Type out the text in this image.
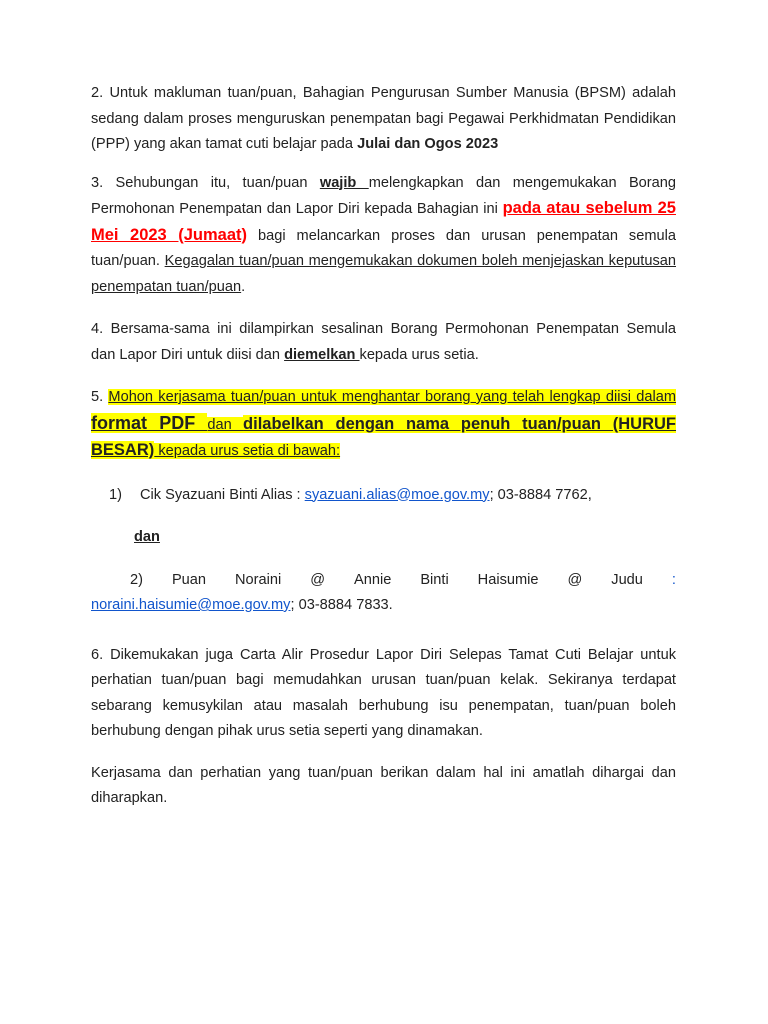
2. Untuk makluman tuan/puan, Bahagian Pengurusan Sumber Manusia (BPSM) adalah sedang dalam proses menguruskan penempatan bagi Pegawai Perkhidmatan Pendidikan (PPP) yang akan tamat cuti belajar pada Julai dan Ogos 2023

3. Sehubungan itu, tuan/puan wajib melengkapkan dan mengemukakan Borang Permohonan Penempatan dan Lapor Diri kepada Bahagian ini pada atau sebelum 25 Mei 2023 (Jumaat) bagi melancarkan proses dan urusan penempatan semula tuan/puan. Kegagalan tuan/puan mengemukakan dokumen boleh menjejaskan keputusan penempatan tuan/puan.

4. Bersama-sama ini dilampirkan sesalinan Borang Permohonan Penempatan Semula dan Lapor Diri untuk diisi dan diemelkan kepada urus setia.

5. Mohon kerjasama tuan/puan untuk menghantar borang yang telah lengkap diisi dalam format PDF dan dilabelkan dengan nama penuh tuan/puan (HURUF BESAR) kepada urus setia di bawah:

1) Cik Syazuani Binti Alias : syazuani.alias@moe.gov.my; 03-8884 7762,

dan

2) Puan Noraini @ Annie Binti Haisumie @ Judu :

noraini.haisumie@moe.gov.my; 03-8884 7833.

6. Dikemukakan juga Carta Alir Prosedur Lapor Diri Selepas Tamat Cuti Belajar untuk perhatian tuan/puan bagi memudahkan urusan tuan/puan kelak. Sekiranya terdapat sebarang kemusykilan atau masalah berhubung isu penempatan, tuan/puan boleh berhubung dengan pihak urus setia seperti yang dinamakan.

Kerjasama dan perhatian yang tuan/puan berikan dalam hal ini amatlah dihargai dan diharapkan.
